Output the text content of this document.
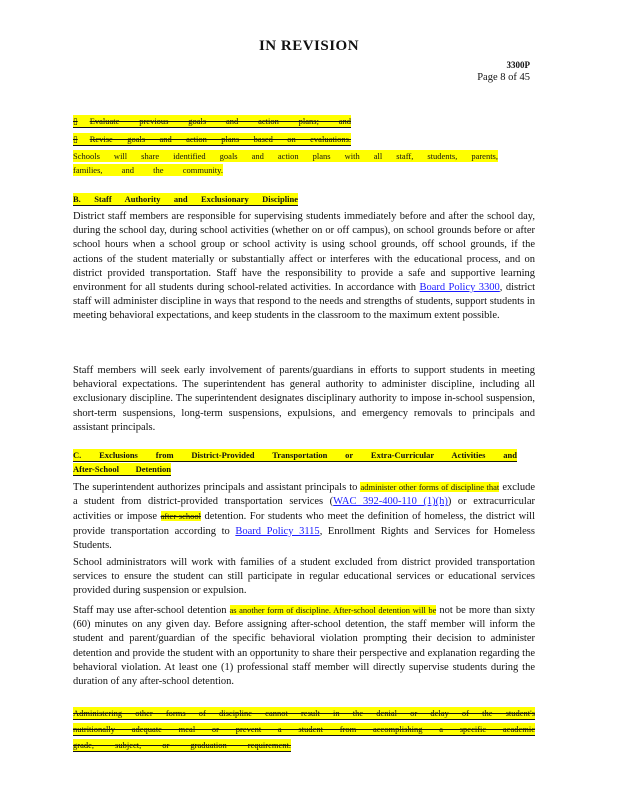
IN REVISION
3300P
Page 8 of 45
▯ Evaluate previous goals and action plans; and
▯ Revise goals and action plans based on evaluations.
Schools will share identified goals and action plans with all staff, students, parents,
families, and the community.
B. Staff Authority and Exclusionary Discipline

District staff members are responsible for supervising students immediately before and after the school day, during the school day, during school activities (whether on or off campus), on school grounds before or after school hours when a school group or school activity is using school grounds, off school grounds, if the actions of the student materially or substantially affect or interferes with the educational process, and on district provided transportation. Staff have the responsibility to provide a safe and supportive learning environment for all students during school-related activities. In accordance with Board Policy 3300, district staff will administer discipline in ways that respond to the needs and strengths of students, support students in meeting behavioral expectations, and keep students in the classroom to the maximum extent possible.

Staff members will seek early involvement of parents/guardians in efforts to support students in meeting behavioral expectations. The superintendent has general authority to administer discipline, including all exclusionary discipline. The superintendent designates disciplinary authority to impose in-school suspension, short-term suspensions, long-term suspensions, expulsions, and emergency removals to principals and assistant principals.
C. Exclusions from District-Provided Transportation or Extra-Curricular Activities and
After-School Detention

The superintendent authorizes principals and assistant principals to administer other forms of discipline that exclude a student from district-provided transportation services (WAC 392-400-110 (1)(h)) or extracurricular activities or impose after-school detention. For students who meet the definition of homeless, the district will provide transportation according to Board Policy 3115, Enrollment Rights and Services for Homeless Students.

School administrators will work with families of a student excluded from district provided transportation services to ensure the student can still participate in regular educational services or educational services provided during suspension or expulsion.

Staff may use after-school detention as another form of discipline. After-school detention will be not be more than sixty (60) minutes on any given day. Before assigning after-school detention, the staff member will inform the student and parent/guardian of the specific behavioral violation prompting their decision to administer detention and provide the student with an opportunity to share their perspective and explanation regarding the behavioral violation. At least one (1) professional staff member will directly supervise students during the duration of any after-school detention.

Administering other forms of discipline cannot result in the denial or delay of the student's
nutritionally adequate meal or prevent a student from accomplishing a specific academic
grade, subject, or graduation requirement.
